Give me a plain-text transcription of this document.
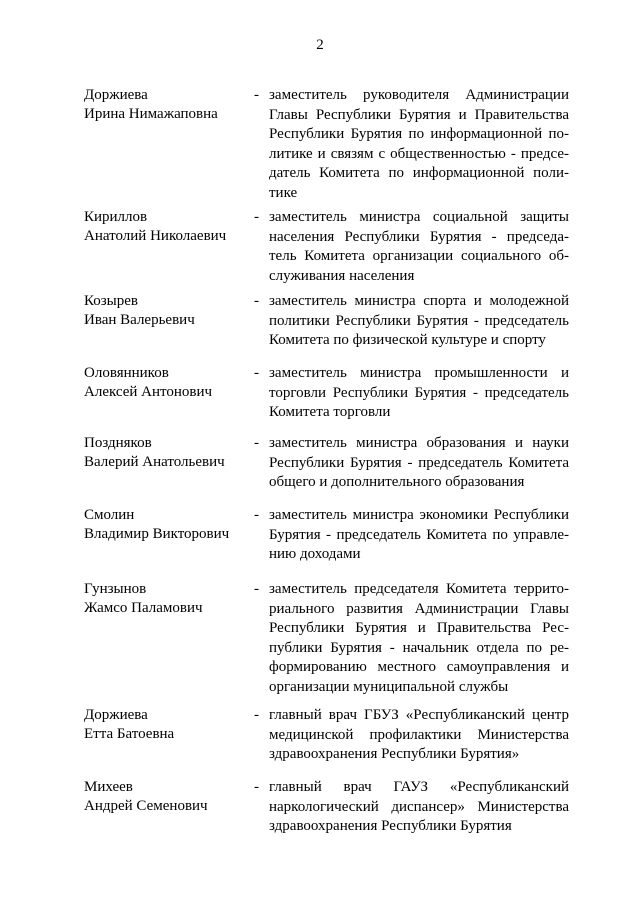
2
Доржиева
Ирина Нимажаповна
- заместитель руководителя Администрации
Главы Республики Бурятия и Правительства
Республики Бурятия по информационной по-
литике и связям с общественностью - предсе-
датель Комитета по информационной поли-
тике
Кириллов
Анатолий Николаевич
- заместитель министра социальной защиты
населения Республики Бурятия - председа-
тель Комитета организации социального об-
служивания населения
Козырев
Иван Валерьевич
- заместитель министра спорта и молодежной
политики Республики Бурятия - председатель
Комитета по физической культуре и спорту
Оловянников
Алексей Антонович
- заместитель министра промышленности и
торговли Республики Бурятия - председатель
Комитета торговли
Поздняков
Валерий Анатольевич
- заместитель министра образования и науки
Республики Бурятия - председатель Комитета
общего и дополнительного образования
Смолин
Владимир Викторович
- заместитель министра экономики Республики
Бурятия - председатель Комитета по управле-
нию доходами
Гунзынов
Жамсо Паламович
- заместитель председателя Комитета террито-
риального развития Администрации Главы
Республики Бурятия и Правительства Рес-
публики Бурятия - начальник отдела по ре-
формированию местного самоуправления и
организации муниципальной службы
Доржиева
Етта Батоевна
- главный врач ГБУЗ «Республиканский центр
медицинской профилактики Министерства
здравоохранения Республики Бурятия»
Михеев
Андрей Семенович
- главный врач ГАУЗ «Республиканский
наркологический диспансер» Министерства
здравоохранения Республики Бурятия
